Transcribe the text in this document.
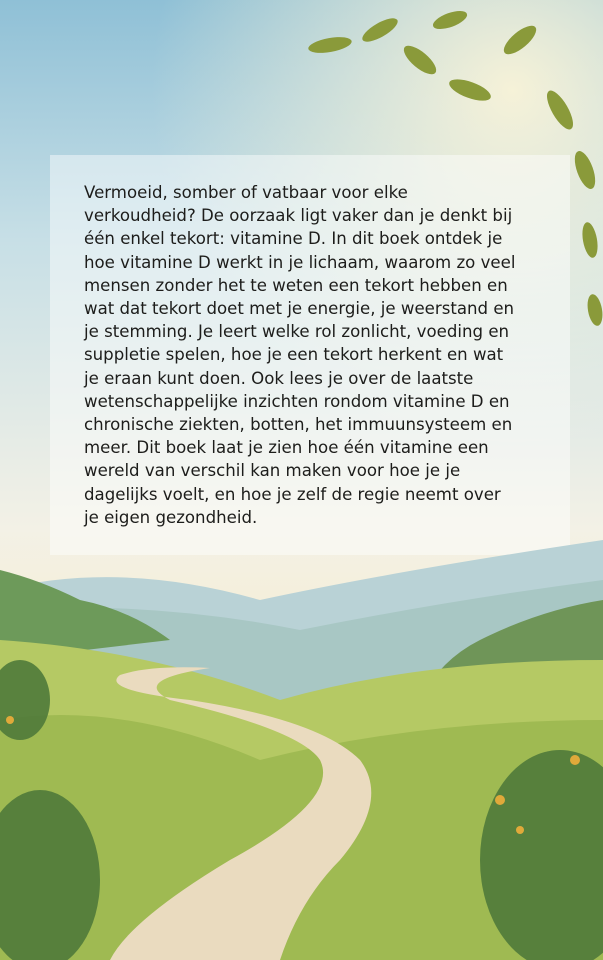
Vermoeid, somber of vatbaar voor elke
verkoudheid? De oorzaak ligt vaker dan je denkt bij
één enkel tekort: vitamine D. In dit boek ontdek je
hoe vitamine D werkt in je lichaam, waarom zo veel
mensen zonder het te weten een tekort hebben en
wat dat tekort doet met je energie, je weerstand en
je stemming. Je leert welke rol zonlicht, voeding en
suppletie spelen, hoe je een tekort herkent en wat
je eraan kunt doen. Ook lees je over de laatste
wetenschappelijke inzichten rondom vitamine D en
chronische ziekten, botten, het immuunsysteem en
meer. Dit boek laat je zien hoe één vitamine een
wereld van verschil kan maken voor hoe je je
dagelijks voelt, en hoe je zelf de regie neemt over
je eigen gezondheid.
